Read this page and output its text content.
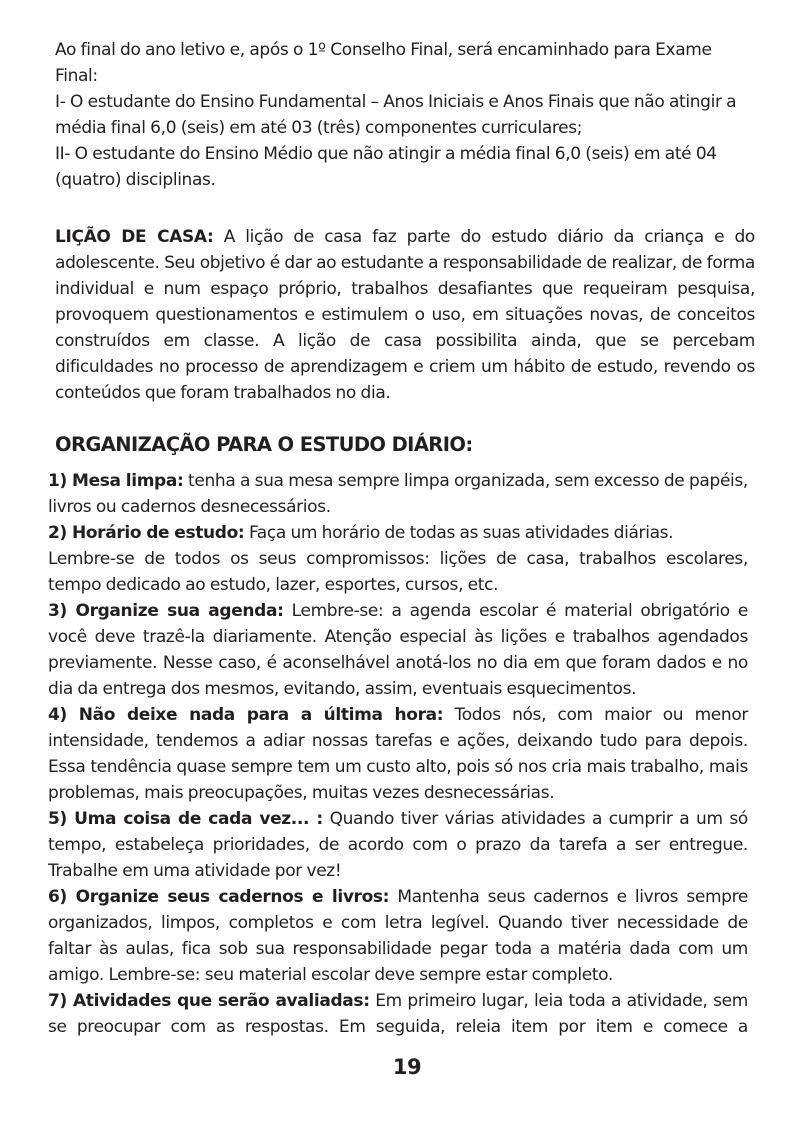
Ao final do ano letivo e, após o 1º Conselho Final, será encaminhado para Exame Final:

I- O estudante do Ensino Fundamental – Anos Iniciais e Anos Finais que não atingir a média final 6,0 (seis) em até 03 (três) componentes curriculares;

II- O estudante do Ensino Médio que não atingir a média final 6,0 (seis) em até 04 (quatro) disciplinas.

LIÇÃO DE CASA: A lição de casa faz parte do estudo diário da criança e do adolescente. Seu objetivo é dar ao estudante a responsabilidade de realizar, de forma individual e num espaço próprio, trabalhos desafiantes que requeiram pesquisa, provoquem questionamentos e estimulem o uso, em situações novas, de conceitos construídos em classe. A lição de casa possibilita ainda, que se percebam dificuldades no processo de aprendizagem e criem um hábito de estudo, revendo os conteúdos que foram trabalhados no dia.

ORGANIZAÇÃO PARA O ESTUDO DIÁRIO:

1) Mesa limpa: tenha a sua mesa sempre limpa organizada, sem excesso de papéis, livros ou cadernos desnecessários.

2) Horário de estudo: Faça um horário de todas as suas atividades diárias.

Lembre-se de todos os seus compromissos: lições de casa, trabalhos escolares, tempo dedicado ao estudo, lazer, esportes, cursos, etc.

3) Organize sua agenda: Lembre-se: a agenda escolar é material obrigatório e você deve trazê-la diariamente. Atenção especial às lições e trabalhos agendados previamente. Nesse caso, é aconselhável anotá-los no dia em que foram dados e no dia da entrega dos mesmos, evitando, assim, eventuais esquecimentos.

4) Não deixe nada para a última hora: Todos nós, com maior ou menor intensidade, tendemos a adiar nossas tarefas e ações, deixando tudo para depois. Essa tendência quase sempre tem um custo alto, pois só nos cria mais trabalho, mais problemas, mais preocupações, muitas vezes desnecessárias.

5) Uma coisa de cada vez... : Quando tiver várias atividades a cumprir a um só tempo, estabeleça prioridades, de acordo com o prazo da tarefa a ser entregue. Trabalhe em uma atividade por vez!

6) Organize seus cadernos e livros: Mantenha seus cadernos e livros sempre organizados, limpos, completos e com letra legível. Quando tiver necessidade de faltar às aulas, fica sob sua responsabilidade pegar toda a matéria dada com um amigo. Lembre-se: seu material escolar deve sempre estar completo.

7) Atividades que serão avaliadas: Em primeiro lugar, leia toda a atividade, sem se preocupar com as respostas. Em seguida, releia item por item e comece a

19
